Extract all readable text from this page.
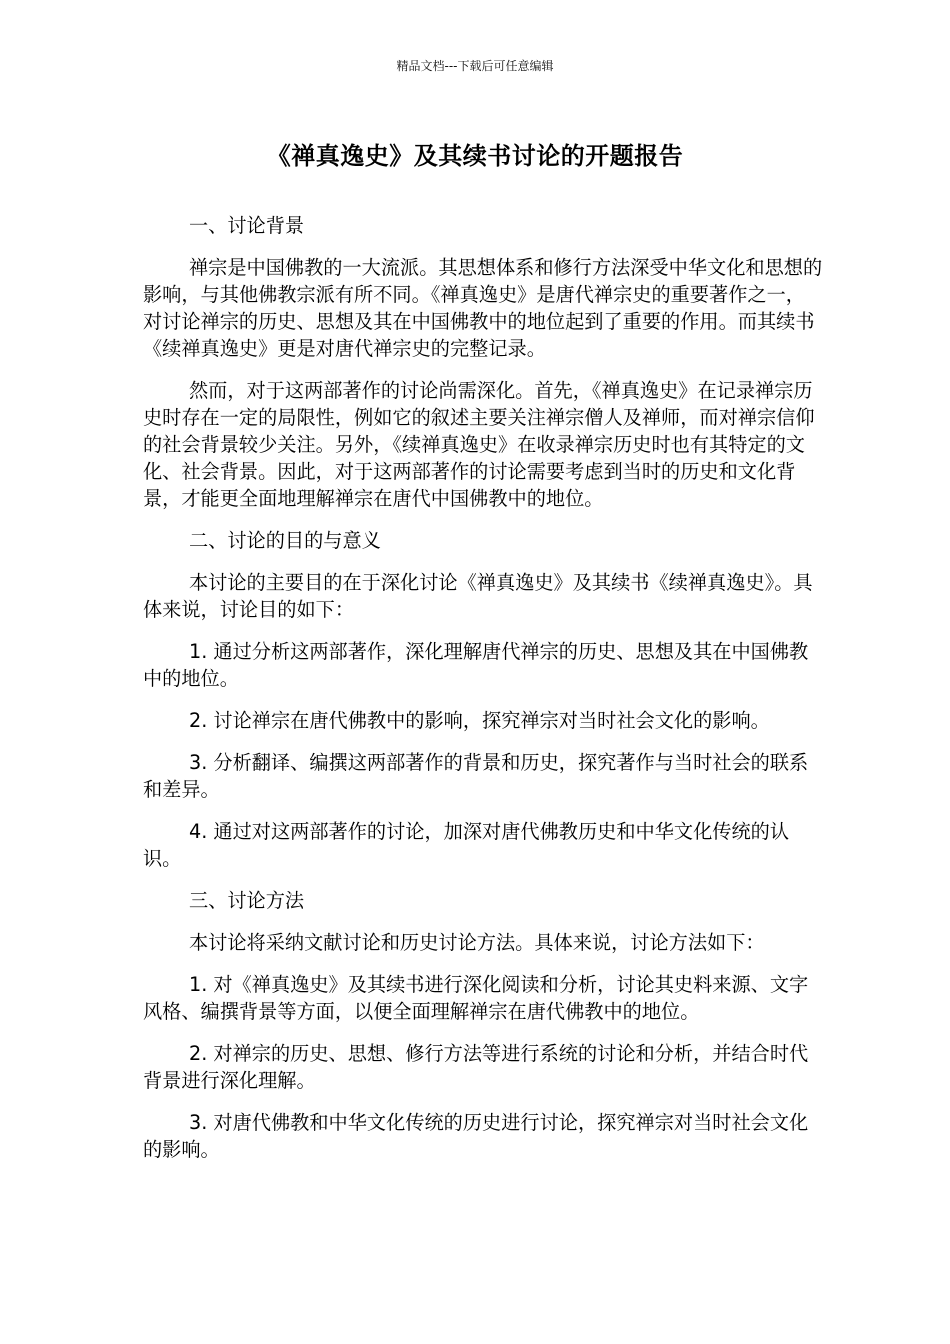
精品文档---下载后可任意编辑
《禅真逸史》及其续书讨论的开题报告

一、讨论背景

禅宗是中国佛教的一大流派。其思想体系和修行方法深受中华文化和思想的影响，与其他佛教宗派有所不同。《禅真逸史》是唐代禅宗史的重要著作之一，对讨论禅宗的历史、思想及其在中国佛教中的地位起到了重要的作用。而其续书《续禅真逸史》更是对唐代禅宗史的完整记录。

然而，对于这两部著作的讨论尚需深化。首先，《禅真逸史》在记录禅宗历史时存在一定的局限性，例如它的叙述主要关注禅宗僧人及禅师，而对禅宗信仰的社会背景较少关注。另外，《续禅真逸史》在收录禅宗历史时也有其特定的文化、社会背景。因此，对于这两部著作的讨论需要考虑到当时的历史和文化背景，才能更全面地理解禅宗在唐代中国佛教中的地位。

二、讨论的目的与意义

本讨论的主要目的在于深化讨论《禅真逸史》及其续书《续禅真逸史》。具体来说，讨论目的如下：

1. 通过分析这两部著作，深化理解唐代禅宗的历史、思想及其在中国佛教中的地位。

2. 讨论禅宗在唐代佛教中的影响，探究禅宗对当时社会文化的影响。

3. 分析翻译、编撰这两部著作的背景和历史，探究著作与当时社会的联系和差异。

4. 通过对这两部著作的讨论，加深对唐代佛教历史和中华文化传统的认识。

三、讨论方法

本讨论将采纳文献讨论和历史讨论方法。具体来说，讨论方法如下：

1. 对《禅真逸史》及其续书进行深化阅读和分析，讨论其史料来源、文字风格、编撰背景等方面，以便全面理解禅宗在唐代佛教中的地位。

2. 对禅宗的历史、思想、修行方法等进行系统的讨论和分析，并结合时代背景进行深化理解。

3. 对唐代佛教和中华文化传统的历史进行讨论，探究禅宗对当时社会文化的影响。
